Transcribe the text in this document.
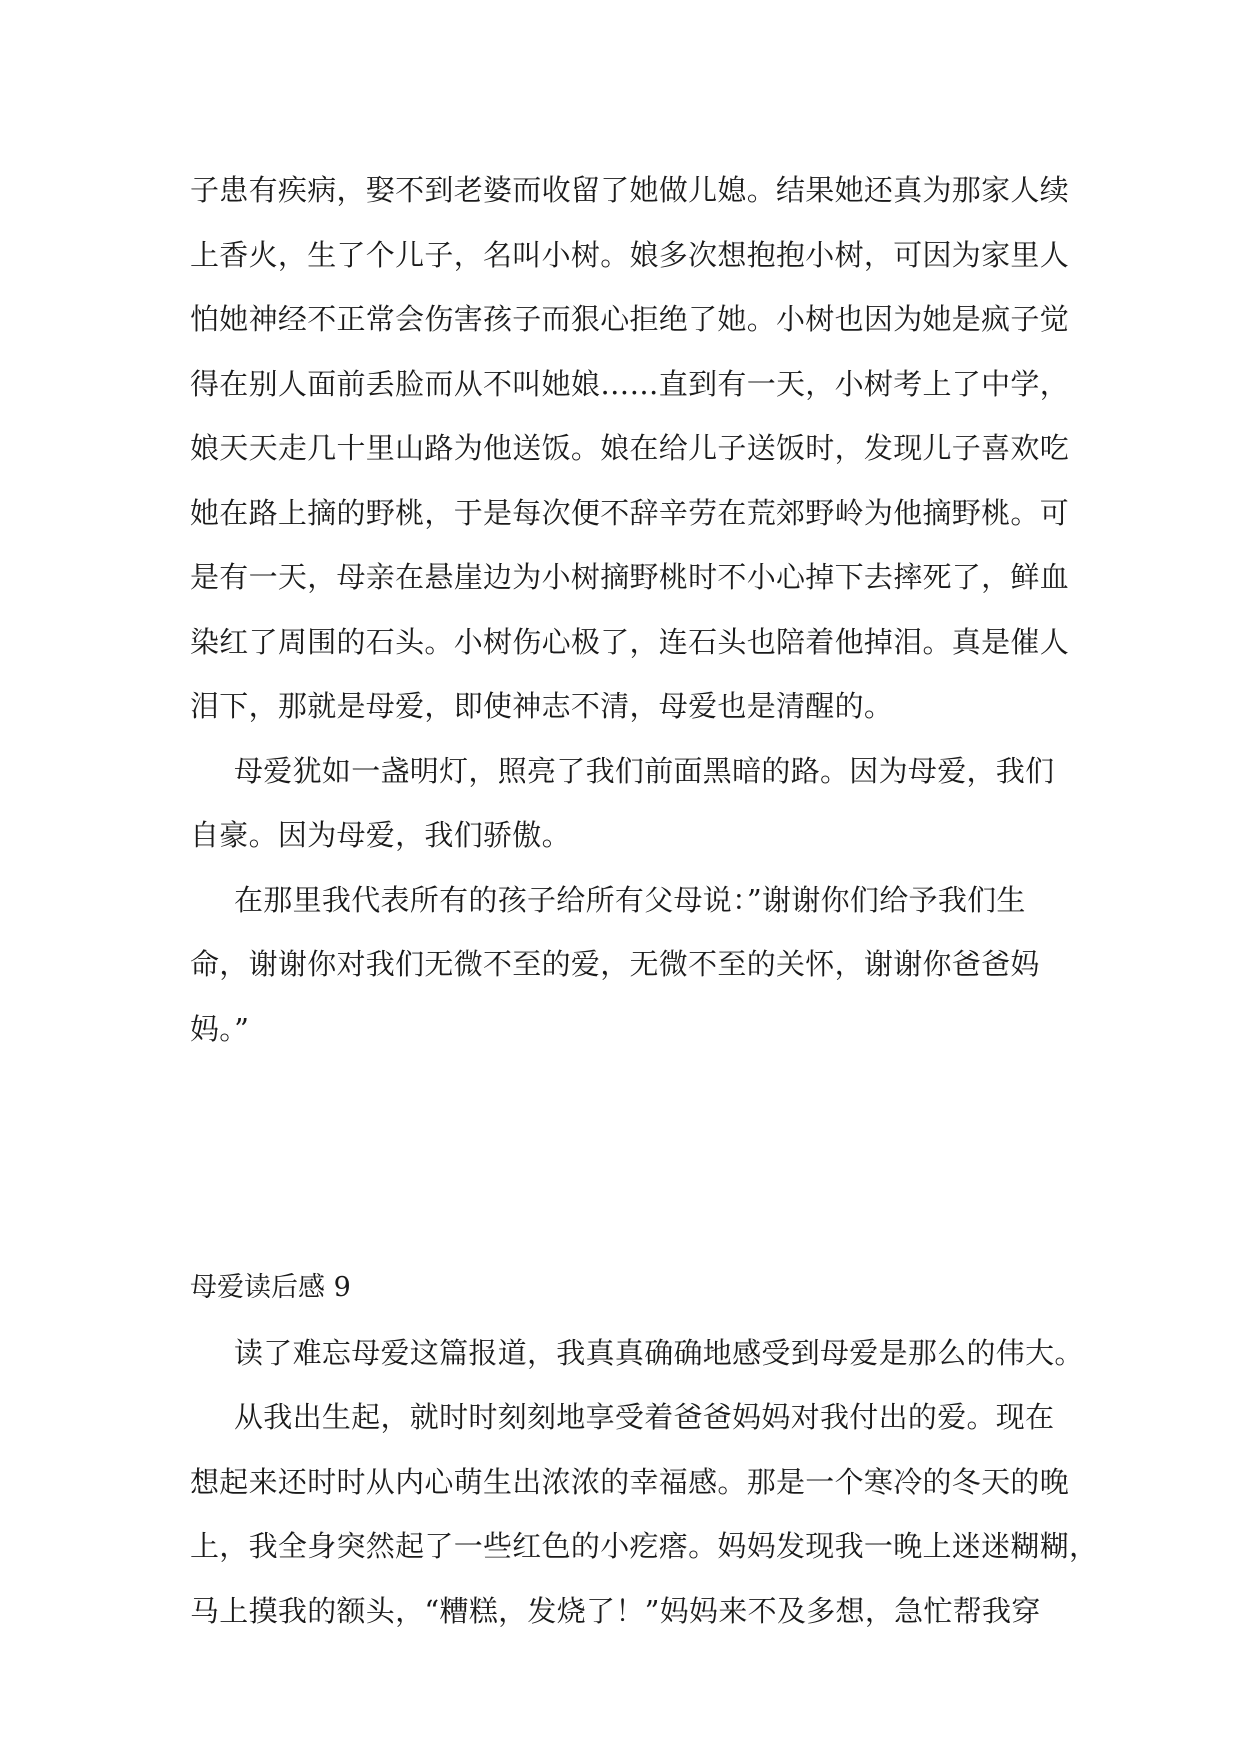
子患有疾病，娶不到老婆而收留了她做儿媳。结果她还真为那家人续
上香火，生了个儿子，名叫小树。娘多次想抱抱小树，可因为家里人
怕她神经不正常会伤害孩子而狠心拒绝了她。小树也因为她是疯子觉
得在别人面前丢脸而从不叫她娘……直到有一天，小树考上了中学，
娘天天走几十里山路为他送饭。娘在给儿子送饭时，发现儿子喜欢吃
她在路上摘的野桃，于是每次便不辞辛劳在荒郊野岭为他摘野桃。可
是有一天，母亲在悬崖边为小树摘野桃时不小心掉下去摔死了，鲜血
染红了周围的石头。小树伤心极了，连石头也陪着他掉泪。真是催人
泪下，那就是母爱，即使神志不清，母爱也是清醒的。
母爱犹如一盏明灯，照亮了我们前面黑暗的路。因为母爱，我们
自豪。因为母爱，我们骄傲。
在那里我代表所有的孩子给所有父母说：”谢谢你们给予我们生
命，谢谢你对我们无微不至的爱，无微不至的关怀，谢谢你爸爸妈
妈。”
母爱读后感 9
读了难忘母爱这篇报道，我真真确确地感受到母爱是那么的伟大。
从我出生起，就时时刻刻地享受着爸爸妈妈对我付出的爱。现在
想起来还时时从内心萌生出浓浓的幸福感。那是一个寒冷的冬天的晚
上，我全身突然起了一些红色的小疙瘩。妈妈发现我一晚上迷迷糊糊，
马上摸我的额头，“糟糕，发烧了！”妈妈来不及多想，急忙帮我穿
